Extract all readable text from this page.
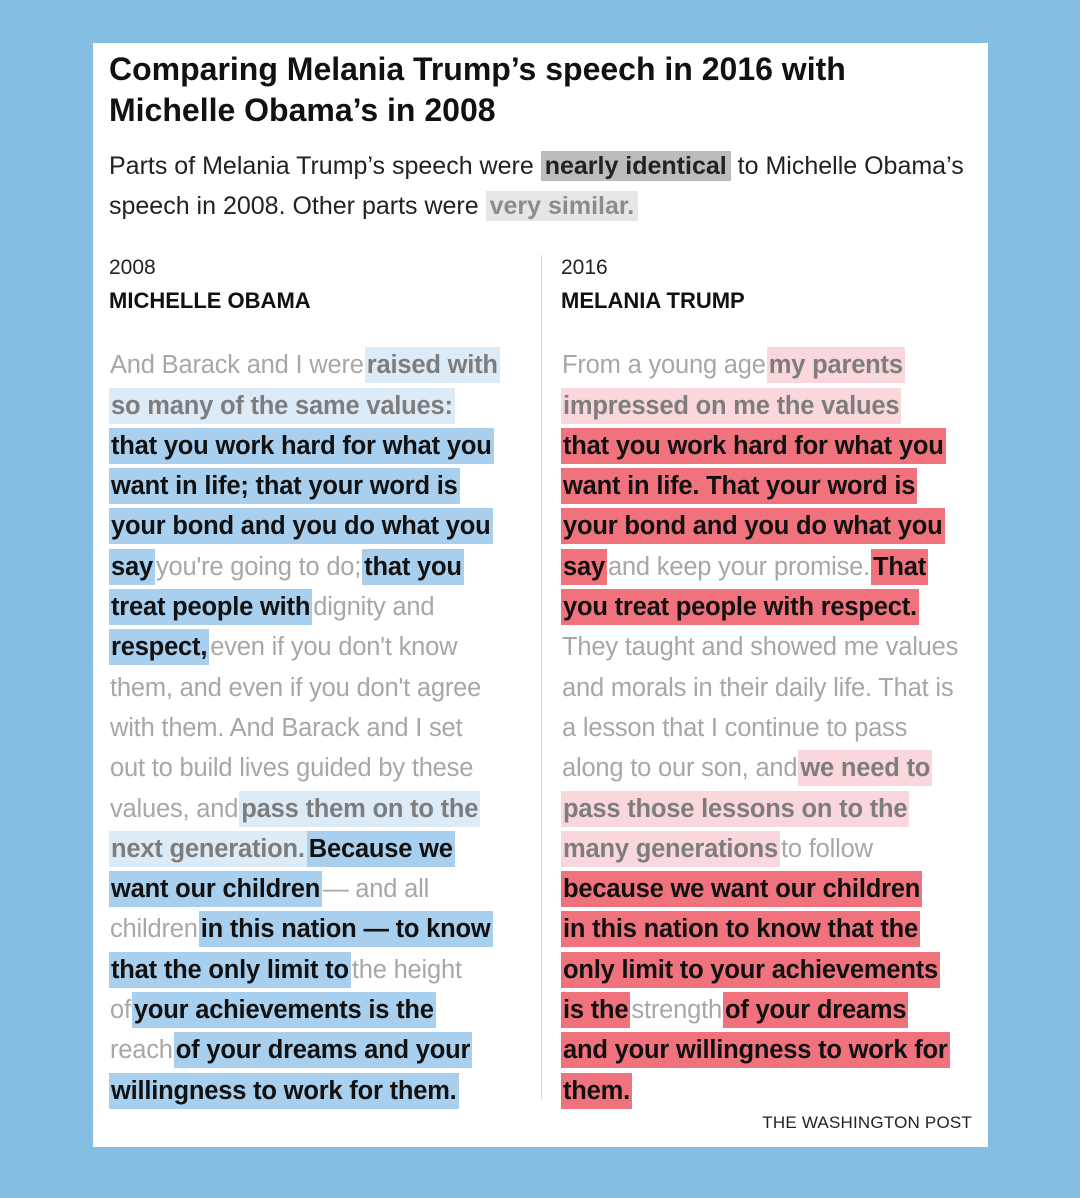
Comparing Melania Trump’s speech in 2016 with Michelle Obama’s in 2008

Parts of Melania Trump’s speech were nearly identical to Michelle Obama’s speech in 2008. Other parts were very similar.

2008
MICHELLE OBAMA
And Barack and I wereraised with
so many of the same values:
that you work hard for what you
want in life; that your word is
your bond and you do what you
sayyou're going to do;that you
treat people withdignity and
respect,even if you don't know
them, and even if you don't agree
with them. And Barack and I set
out to build lives guided by these
values, andpass them on to the
next generation.Because we
want our children— and all
childrenin this nation — to know
that the only limit tothe height
ofyour achievements is the
reachof your dreams and your
willingness to work for them.
2016
MELANIA TRUMP
From a young agemy parents
impressed on me the values
that you work hard for what you
want in life. That your word is
your bond and you do what you
sayand keep your promise.That
you treat people with respect.
They taught and showed me values
and morals in their daily life. That is
a lesson that I continue to pass
along to our son, andwe need to
pass those lessons on to the
many generationsto follow
because we want our children
in this nation to know that the
only limit to your achievements
is thestrengthof your dreams
and your willingness to work for
them.
THE WASHINGTON POST
